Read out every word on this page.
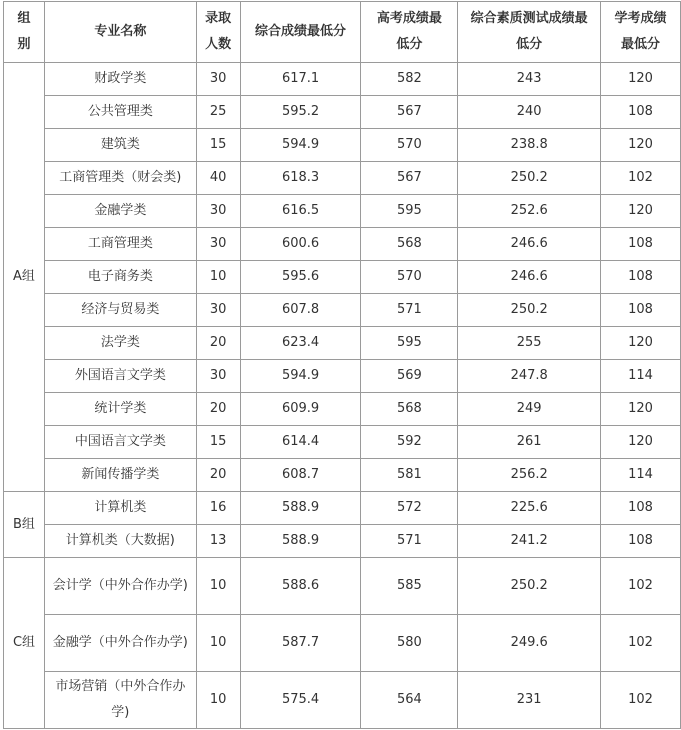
组别	专业名称	录取人数	综合成绩最低分	高考成绩最低分	综合素质测试成绩最低分	学考成绩最低分

A组	财政学类	30	617.1	582	243	120
	公共管理类	25	595.2	567	240	108
	建筑类	15	594.9	570	238.8	120
	工商管理类（财会类)	40	618.3	567	250.2	102
	金融学类	30	616.5	595	252.6	120
	工商管理类	30	600.6	568	246.6	108
	电子商务类	10	595.6	570	246.6	108
	经济与贸易类	30	607.8	571	250.2	108
	法学类	20	623.4	595	255	120
	外国语言文学类	30	594.9	569	247.8	114
	统计学类	20	609.9	568	249	120
	中国语言文学类	15	614.4	592	261	120
	新闻传播学类	20	608.7	581	256.2	114
B组	计算机类	16	588.9	572	225.6	108
	计算机类（大数据)	13	588.9	571	241.2	108
C组	会计学（中外合作办学)	10	588.6	585	250.2	102
	金融学（中外合作办学)	10	587.7	580	249.6	102
	市场营销（中外合作办学)	10	575.4	564	231	102
